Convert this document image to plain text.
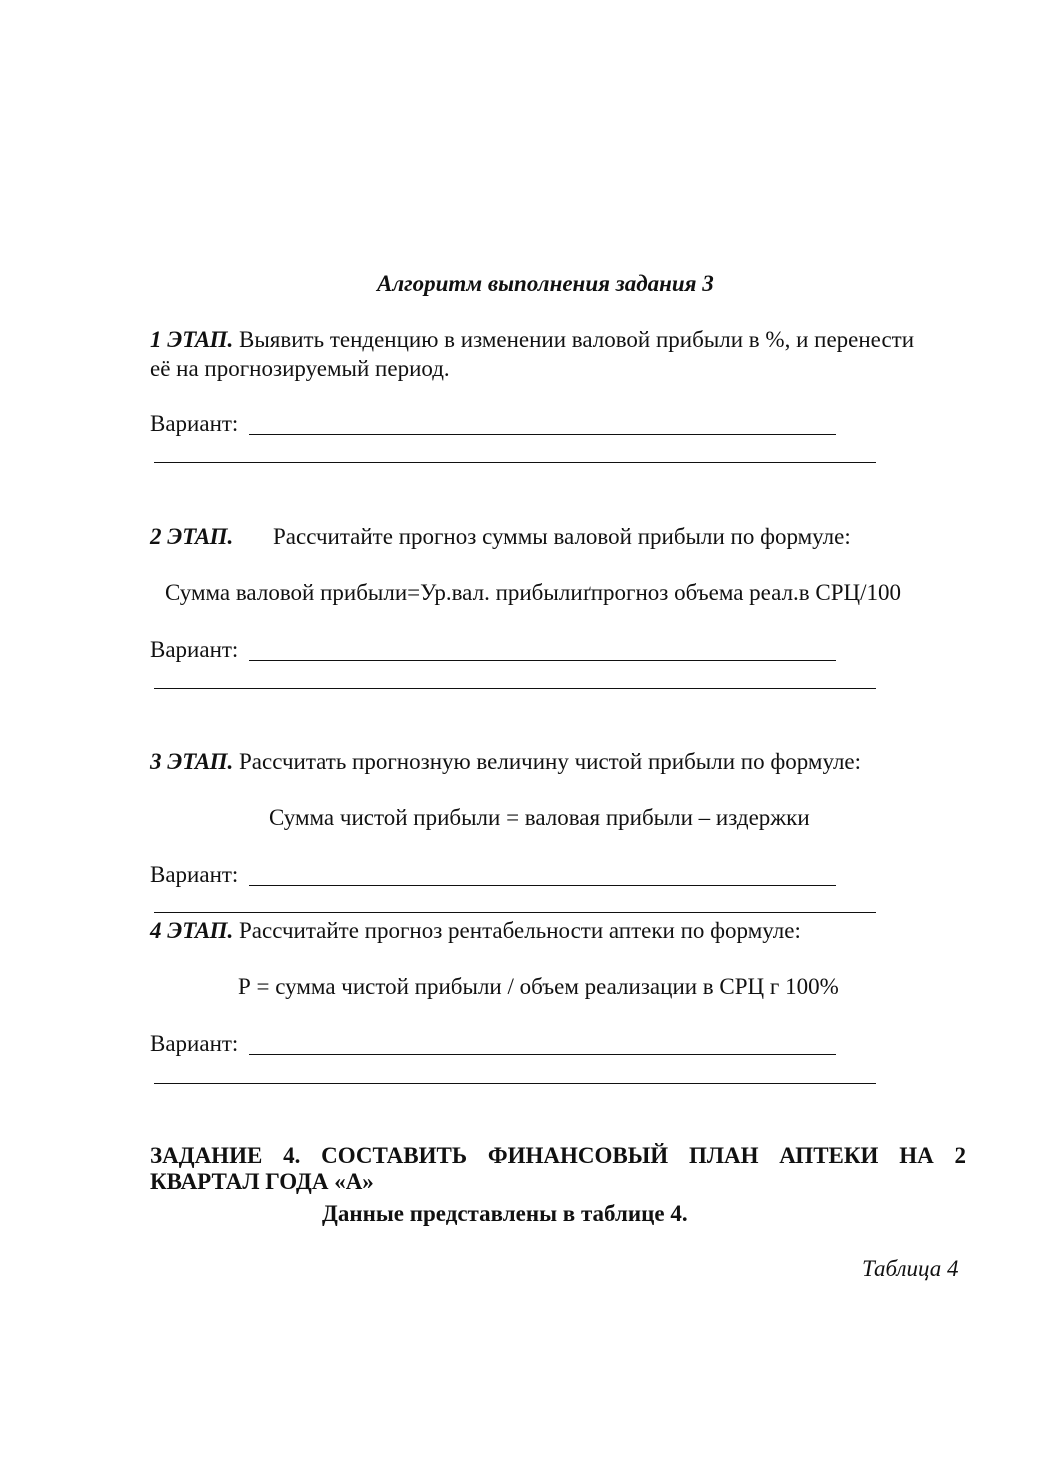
Алгоритм выполнения задания 3
1 ЭТАП. Выявить тенденцию в изменении валовой прибыли в %, и перенести
её на прогнозируемый период.
Вариант:
2 ЭТАП. Рассчитайте прогноз суммы валовой прибыли по формуле:
Сумма валовой прибыли=Ур.вал. прибылиґпрогноз объема реал.в СРЦ/100
Вариант:
3 ЭТАП. Рассчитать прогнозную величину чистой прибыли по формуле:
Сумма чистой прибыли = валовая прибыли – издержки
Вариант:
4 ЭТАП. Рассчитайте прогноз рентабельности аптеки по формуле:
Р = сумма чистой прибыли / объем реализации в СРЦ г 100%
Вариант:
ЗАДАНИЕ 4. СОСТАВИТЬ ФИНАНСОВЫЙ ПЛАН АПТЕКИ НА 2 КВАРТАЛ ГОДА «А»
Данные представлены в таблице 4.
Таблица 4
